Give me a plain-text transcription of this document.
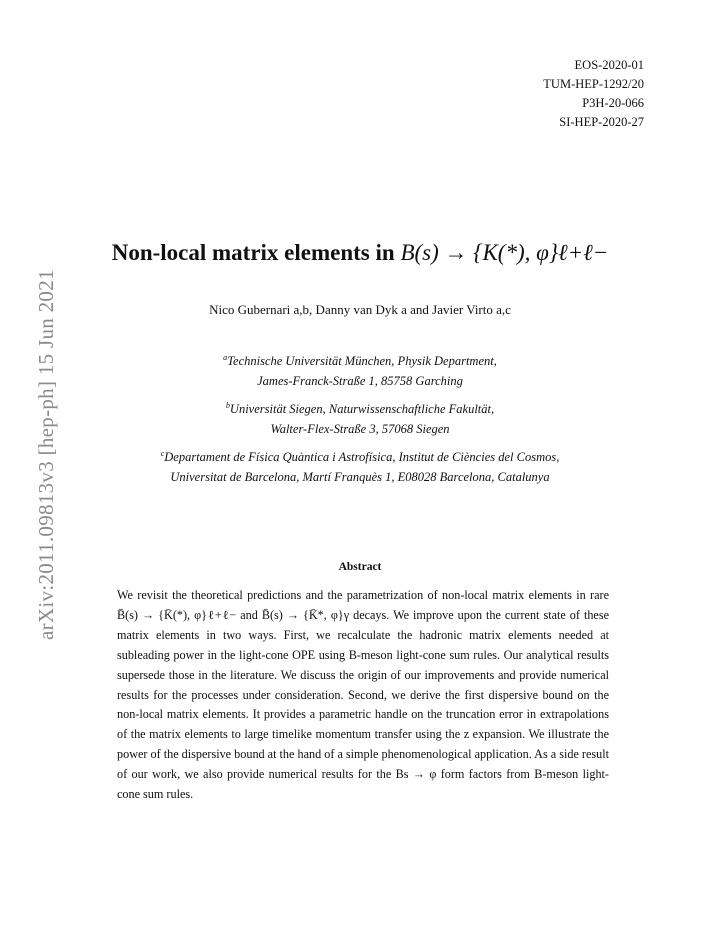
EOS-2020-01
TUM-HEP-1292/20
P3H-20-066
SI-HEP-2020-27
arXiv:2011.09813v3 [hep-ph] 15 Jun 2021
Non-local matrix elements in B(s) → {K(*), φ}ℓ+ℓ−
Nico Gubernari a,b, Danny van Dyk a and Javier Virto a,c
$^a$Technische Universität München, Physik Department,
James-Franck-Straße 1, 85758 Garching
$^b$Universität Siegen, Naturwissenschaftliche Fakultät,
Walter-Flex-Straße 3, 57068 Siegen
$^c$Departament de Física Quàntica i Astrofísica, Institut de Ciències del Cosmos,
Universitat de Barcelona, Martí Franquès 1, E08028 Barcelona, Catalunya
Abstract
We revisit the theoretical predictions and the parametrization of non-local matrix elements in rare B̄(s) → {K̄(*), φ}ℓ+ℓ− and B̄(s) → {K̄*, φ}γ decays. We improve upon the current state of these matrix elements in two ways. First, we recalculate the hadronic matrix elements needed at subleading power in the light-cone OPE using B-meson light-cone sum rules. Our analytical results supersede those in the literature. We discuss the origin of our improvements and provide numerical results for the processes under consideration. Second, we derive the first dispersive bound on the non-local matrix elements. It provides a parametric handle on the truncation error in extrapolations of the matrix elements to large timelike momentum transfer using the z expansion. We illustrate the power of the dispersive bound at the hand of a simple phenomenological application. As a side result of our work, we also provide numerical results for the Bs → φ form factors from B-meson light-cone sum rules.
